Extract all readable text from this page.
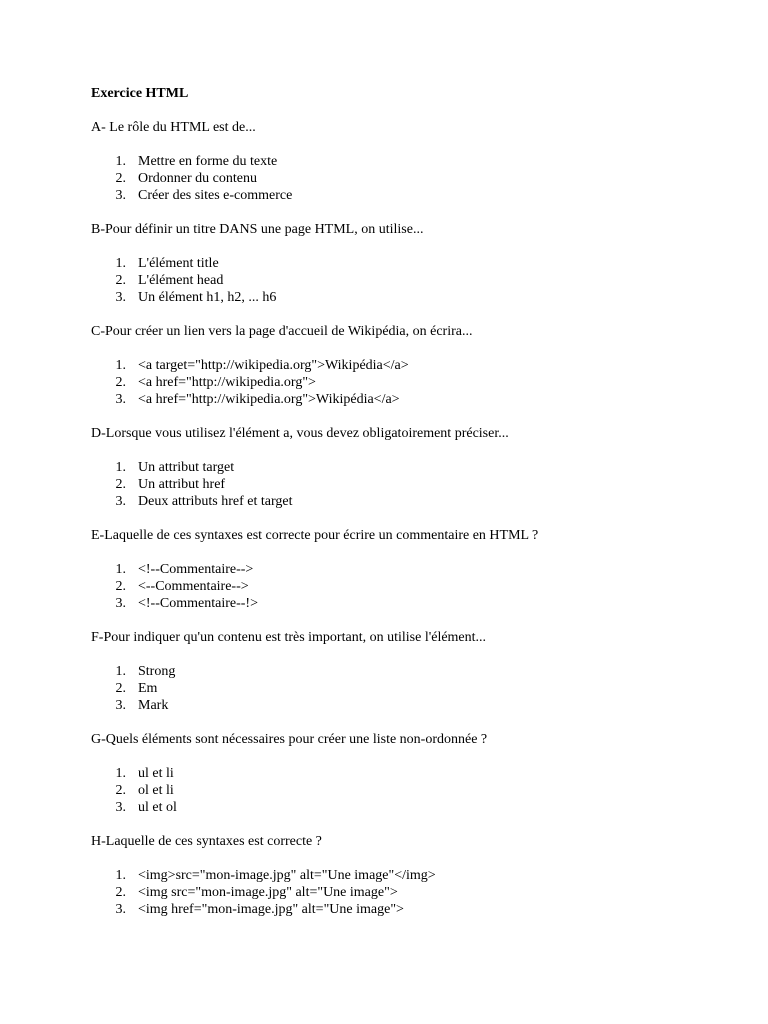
Exercice HTML

A- Le rôle du HTML est de...

1 . Mettre en forme du texte
2 . Ordonner du contenu
3 . Créer des sites e-commerce

B-Pour définir un titre DANS une page HTML, on utilise...

1 . L'élément title
2 . L'élément head
3 . Un élément h1, h2, ... h6

C-Pour créer un lien vers la page d'accueil de Wikipédia, on écrira...

1 . <a target="http://wikipedia.org">Wikipédia</a>
2 . <a href="http://wikipedia.org">
3 . <a href="http://wikipedia.org">Wikipédia</a>

D-Lorsque vous utilisez l'élément a, vous devez obligatoirement préciser...

1 . Un attribut target
2 . Un attribut href
3 . Deux attributs href et target

E-Laquelle de ces syntaxes est correcte pour écrire un commentaire en HTML ?

1 . <!--Commentaire-->
2 . <--Commentaire-->
3 . <!--Commentaire--!>

F-Pour indiquer qu'un contenu est très important, on utilise l'élément...

1 . Strong
2 . Em
3 . Mark

G-Quels éléments sont nécessaires pour créer une liste non-ordonnée ?

1 . ul et li
2 . ol et li
3 . ul et ol

H-Laquelle de ces syntaxes est correcte ?

1 . <img>src="mon-image.jpg" alt="Une image"</img>
2 . <img src="mon-image.jpg" alt="Une image">
3 . <img href="mon-image.jpg" alt="Une image">
